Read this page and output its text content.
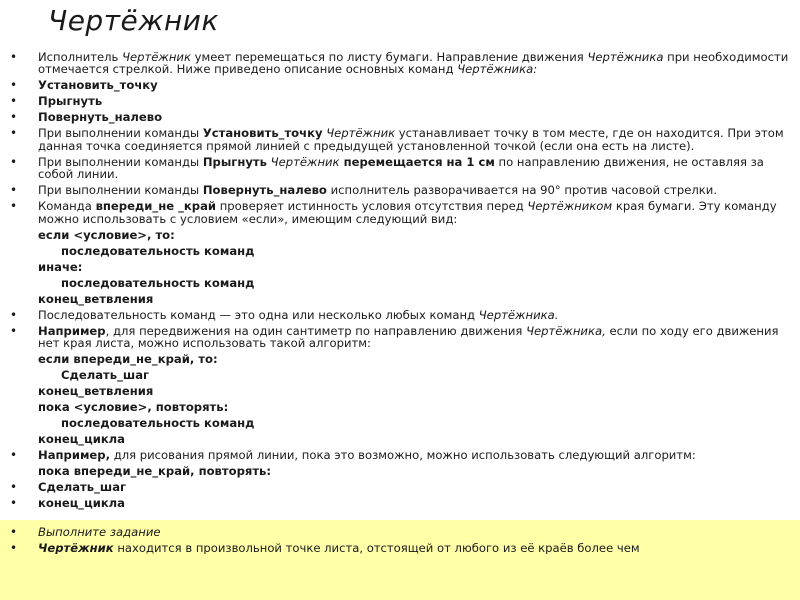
Чертёжник
• Исполнитель Чертёжник умеет перемещаться по листу бумаги. Направление движения Чертёжника при необходимости отмечается стрелкой. Ниже приведено описание основных команд Чертёжника:
• Установить_точку
• Прыгнуть
• Повернуть_налево
• При выполнении команды Установить_точку Чертёжник устанавливает точку в том месте, где он находится. При этом данная точка соединяется прямой линией с предыдущей установленной точкой (если она есть на листе).
• При выполнении команды Прыгнуть Чертёжник перемещается на 1 см по направлению движения, не оставляя за собой линии.
• При выполнении команды Повернуть_налево исполнитель разворачивается на 90° против часовой стрелки.
• Команда впереди_не _край проверяет истинность условия отсутствия перед Чертёжником края бумаги. Эту команду можно использовать с условием «если», имеющим следующий вид:
если <условие>, то:
последовательность команд
иначе:
последовательность команд
конец_ветвления
• Последовательность команд — это одна или несколько любых команд Чертёжника.
• Например, для передвижения на один сантиметр по направлению движения Чертёжника, если по ходу его движения нет края листа, можно использовать такой алгоритм:
если впереди_не_край, то:
Сделать_шаг
конец_ветвления
пока <условие>, повторять:
последовательность команд
конец_цикла
• Например, для рисования прямой линии, пока это возможно, можно использовать следующий алгоритм:
пока впереди_не_край, повторять:
• Сделать_шаг
• конец_цикла
• Выполните задание
• Чертёжник находится в произвольной точке листа, отстоящей от любого из её краёв более чем
